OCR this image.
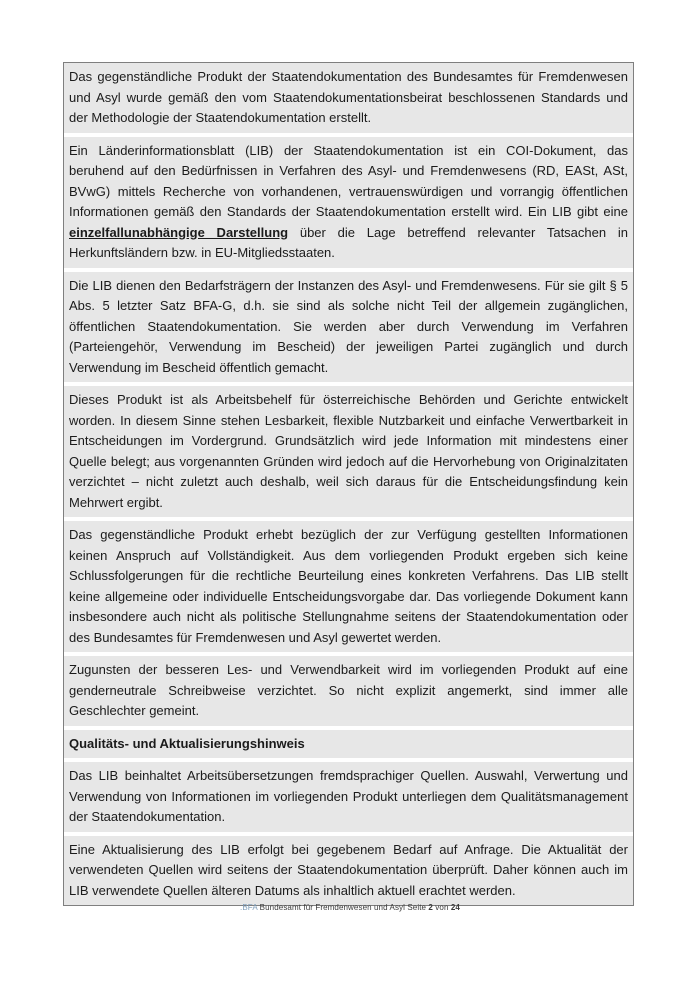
Das gegenständliche Produkt der Staatendokumentation des Bundesamtes für Fremdenwesen und Asyl wurde gemäß den vom Staatendokumentationsbeirat beschlossenen Standards und der Methodologie der Staatendokumentation erstellt.

Ein Länderinformationsblatt (LIB) der Staatendokumentation ist ein COI-Dokument, das beruhend auf den Bedürfnissen in Verfahren des Asyl- und Fremdenwesens (RD, EASt, ASt, BVwG) mittels Recherche von vorhandenen, vertrauenswürdigen und vorrangig öffentlichen Informationen gemäß den Standards der Staatendokumentation erstellt wird. Ein LIB gibt eine einzelfallunabhängige Darstellung über die Lage betreffend relevanter Tatsachen in Herkunftsländern bzw. in EU-Mitgliedsstaaten.

Die LIB dienen den Bedarfsträgern der Instanzen des Asyl- und Fremdenwesens. Für sie gilt § 5 Abs. 5 letzter Satz BFA-G, d.h. sie sind als solche nicht Teil der allgemein zugänglichen, öffentlichen Staatendokumentation. Sie werden aber durch Verwendung im Verfahren (Parteiengehör, Verwendung im Bescheid) der jeweiligen Partei zugänglich und durch Verwendung im Bescheid öffentlich gemacht.

Dieses Produkt ist als Arbeitsbehelf für österreichische Behörden und Gerichte entwickelt worden. In diesem Sinne stehen Lesbarkeit, flexible Nutzbarkeit und einfache Verwertbarkeit in Entscheidungen im Vordergrund. Grundsätzlich wird jede Information mit mindestens einer Quelle belegt; aus vorgenannten Gründen wird jedoch auf die Hervorhebung von Originalzitaten verzichtet – nicht zuletzt auch deshalb, weil sich daraus für die Entscheidungsfindung kein Mehrwert ergibt.

Das gegenständliche Produkt erhebt bezüglich der zur Verfügung gestellten Informationen keinen Anspruch auf Vollständigkeit. Aus dem vorliegenden Produkt ergeben sich keine Schlussfolgerungen für die rechtliche Beurteilung eines konkreten Verfahrens. Das LIB stellt keine allgemeine oder individuelle Entscheidungsvorgabe dar. Das vorliegende Dokument kann insbesondere auch nicht als politische Stellungnahme seitens der Staatendokumentation oder des Bundesamtes für Fremdenwesen und Asyl gewertet werden.

Zugunsten der besseren Les- und Verwendbarkeit wird im vorliegenden Produkt auf eine genderneutrale Schreibweise verzichtet. So nicht explizit angemerkt, sind immer alle Geschlechter gemeint.

Qualitäts- und Aktualisierungshinweis

Das LIB beinhaltet Arbeitsübersetzungen fremdsprachiger Quellen. Auswahl, Verwertung und Verwendung von Informationen im vorliegenden Produkt unterliegen dem Qualitätsmanagement der Staatendokumentation.

Eine Aktualisierung des LIB erfolgt bei gegebenem Bedarf auf Anfrage. Die Aktualität der verwendeten Quellen wird seitens der Staatendokumentation überprüft. Daher können auch im LIB verwendete Quellen älteren Datums als inhaltlich aktuell erachtet werden.

.BFA Bundesamt für Fremdenwesen und Asyl Seite 2 von 24
